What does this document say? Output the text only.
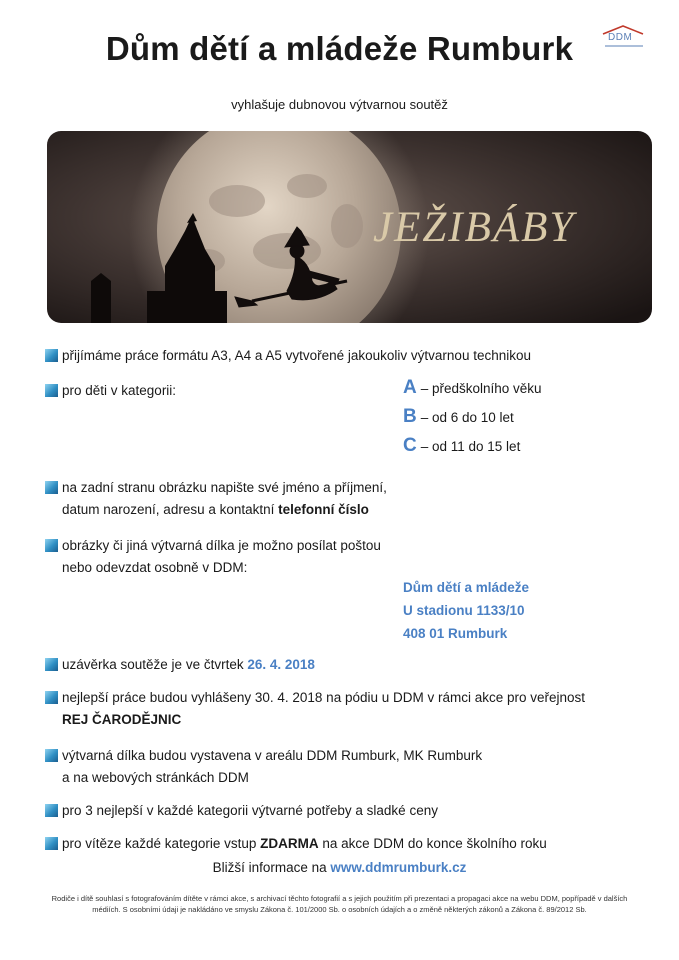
Dům dětí a mládeže Rumburk	DDM
vyhlašuje dubnovou výtvarnou soutěž
JEŽIBÁBY
přijímáme práce formátu A3, A4 a A5 vytvořené jakoukoliv výtvarnou technikou
pro děti v kategorii:	A – předškolního věku
B – od 6 do 10 let
C – od 11 do 15 let
na zadní stranu obrázku napište své jméno a příjmení,
datum narození, adresu a kontaktní telefonní číslo
obrázky či jiná výtvarná dílka je možno posílat poštou
nebo odevzdat osobně v DDM:
Dům dětí a mládeže
U stadionu 1133/10
408 01 Rumburk
uzávěrka soutěže je ve čtvrtek 26. 4. 2018
nejlepší práce budou vyhlášeny 30. 4. 2018 na pódiu u DDM v rámci akce pro veřejnost
REJ ČARODĚJNIC
výtvarná dílka budou vystavena v areálu DDM Rumburk, MK Rumburk
a na webových stránkách DDM
pro 3 nejlepší v každé kategorii výtvarné potřeby a sladké ceny
pro vítěze každé kategorie vstup ZDARMA na akce DDM do konce školního roku
Bližší informace na www.ddmrumburk.cz
Rodiče i dítě souhlasí s fotografováním dítěte v rámci akce, s archivací těchto fotografií a s jejich použitím při prezentaci a propagaci akce na webu DDM, popřípadě v dalších médiích. S osobními údaji je nakládáno ve smyslu Zákona č. 101/2000 Sb. o osobních údajích a o změně některých zákonů a Zákona č. 89/2012 Sb.
